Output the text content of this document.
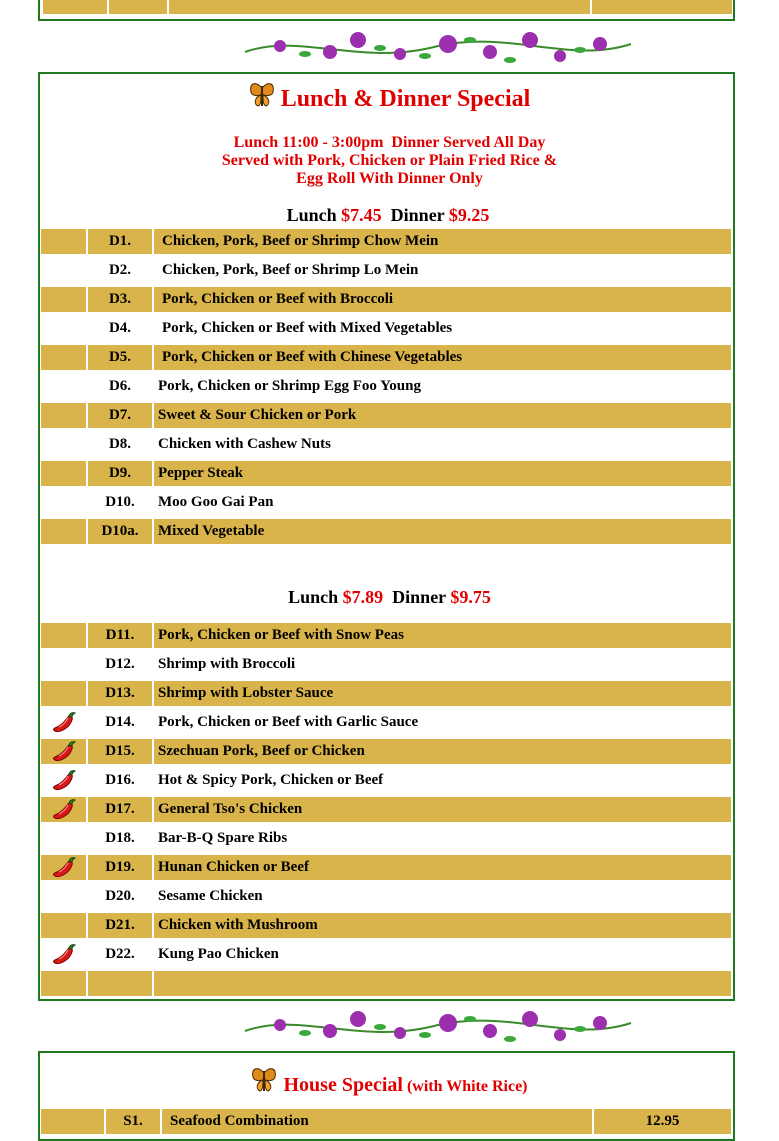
Lunch & Dinner Special
Lunch 11:00 - 3:00pm  Dinner Served All Day
Served with Pork, Chicken or Plain Fried Rice &
Egg Roll With Dinner Only
Lunch $7.45 Dinner $9.25
D1.	Chicken, Pork, Beef or Shrimp Chow Mein
D2.	Chicken, Pork, Beef or Shrimp Lo Mein
D3.	Pork, Chicken or Beef with Broccoli
D4.	Pork, Chicken or Beef with Mixed Vegetables
D5.	Pork, Chicken or Beef with Chinese Vegetables
D6.	Pork, Chicken or Shrimp Egg Foo Young
D7.	Sweet & Sour Chicken or Pork
D8.	Chicken with Cashew Nuts
D9.	Pepper Steak
D10.	Moo Goo Gai Pan
D10a.	Mixed Vegetable
Lunch $7.89 Dinner $9.75
D11.	Pork, Chicken or Beef with Snow Peas
D12.	Shrimp with Broccoli
D13.	Shrimp with Lobster Sauce
D14.	Pork, Chicken or Beef with Garlic Sauce
D15.	Szechuan Pork, Beef or Chicken
D16.	Hot & Spicy Pork, Chicken or Beef
D17.	General Tso's Chicken
D18.	Bar-B-Q Spare Ribs
D19.	Hunan Chicken or Beef
D20.	Sesame Chicken
D21.	Chicken with Mushroom
D22.	Kung Pao Chicken
House Special (with White Rice)
S1.	Seafood Combination	12.95
